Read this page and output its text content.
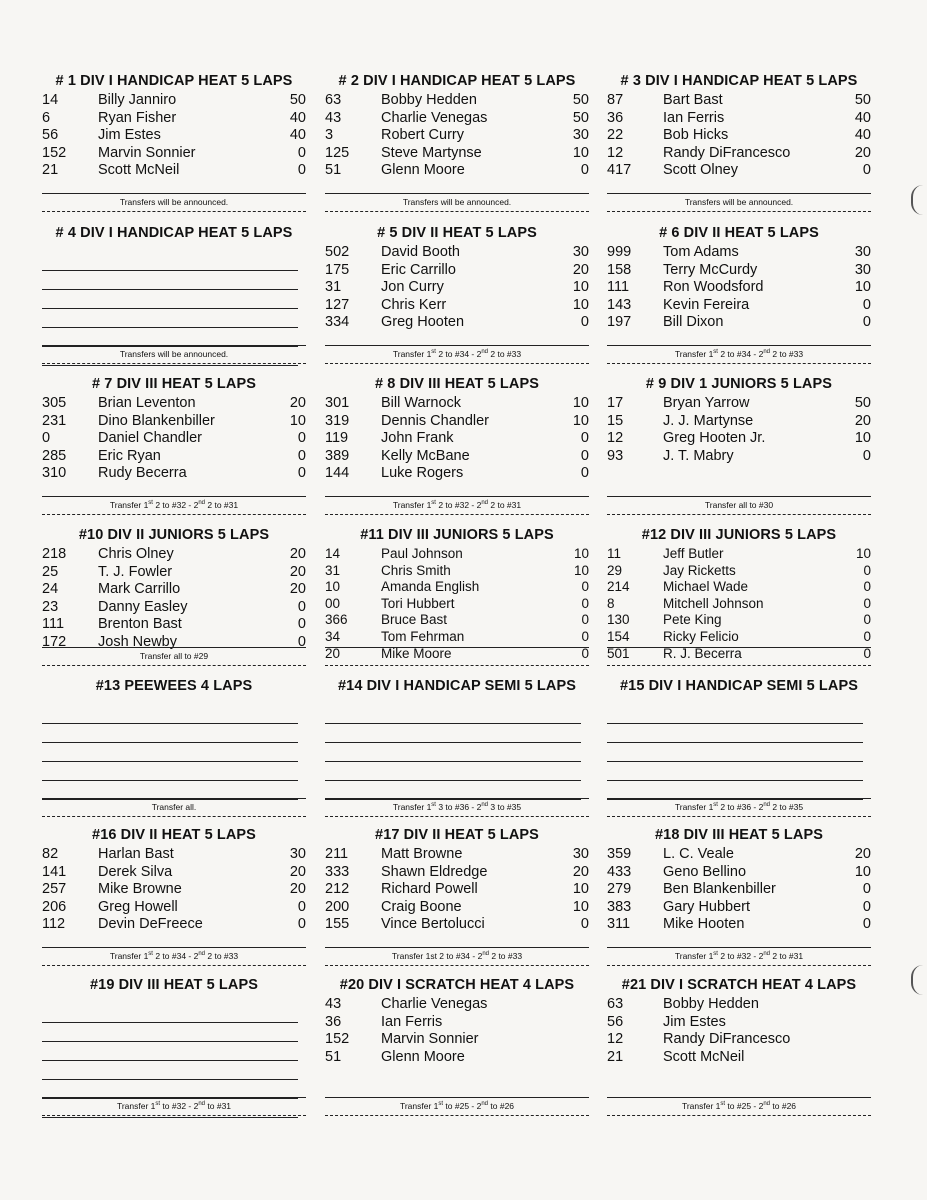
# 1 DIV I HANDICAP HEAT 5 LAPS
14	Billy Janniro	50
6	Ryan Fisher	40
56	Jim Estes	40
152 Marvin Sonnier	0
21	Scott McNeil	0
Transfers will be announced.
# 2 DIV I HANDICAP HEAT 5 LAPS
63	Bobby Hedden	50
43	Charlie Venegas	50
3	Robert Curry	30
125 Steve Martynse	10
51	Glenn Moore	0
Transfers will be announced.
# 3 DIV I HANDICAP HEAT 5 LAPS
87	Bart Bast	50
36	Ian Ferris	40
22	Bob Hicks	40
12	Randy DiFrancesco	20
417 Scott Olney	0
Transfers will be announced.
# 4 DIV I HANDICAP HEAT 5 LAPS
Transfers will be announced.
# 5 DIV II HEAT 5 LAPS
502 David Booth	30
175 Eric Carrillo	20
31	Jon Curry	10
127 Chris Kerr	10
334 Greg Hooten	0
Transfer 1st 2 to #34 - 2nd 2 to #33
# 6 DIV II HEAT 5 LAPS
999 Tom Adams	30
158 Terry McCurdy	30
111 Ron Woodsford	10
143 Kevin Fereira	0
197 Bill Dixon	0
Transfer 1st 2 to #34 - 2nd 2 to #33
# 7 DIV III HEAT 5 LAPS
305 Brian Leventon	20
231 Dino Blankenbiller	10
0	Daniel Chandler	0
285 Eric Ryan	0
310 Rudy Becerra	0
Transfer 1st 2 to #32 - 2nd 2 to #31
# 8 DIV III HEAT 5 LAPS
301 Bill Warnock	10
319 Dennis Chandler	10
119 John Frank	0
389 Kelly McBane	0
144 Luke Rogers	0
Transfer 1st 2 to #32 - 2nd 2 to #31
# 9 DIV 1 JUNIORS 5 LAPS
17	Bryan Yarrow	50
15	J. J. Martynse	20
12	Greg Hooten Jr.	10
93	J. T. Mabry	0
Transfer all to #30
#10 DIV II JUNIORS 5 LAPS
218 Chris Olney	20
25	T. J. Fowler	20
24	Mark Carrillo	20
23	Danny Easley	0
111 Brenton Bast	0
172 Josh Newby	0
Transfer all to #29
#11 DIV III JUNIORS 5 LAPS
14	Paul Johnson	10
31	Chris Smith	10
10	Amanda English	0
00	Tori Hubbert	0
366 Bruce Bast	0
34	Tom Fehrman	0
20	Mike Moore	0
#12 DIV III JUNIORS 5 LAPS
11	Jeff Butler	10
29	Jay Ricketts	0
214 Michael Wade	0
8	Mitchell Johnson	0
130 Pete King	0
154 Ricky Felicio	0
501 R. J. Becerra	0
#13 PEEWEES 4 LAPS
Transfer all.
#14 DIV I HANDICAP SEMI 5 LAPS
Transfer 1st 3 to #36 - 2nd 3 to #35
#15 DIV I HANDICAP SEMI 5 LAPS
Transfer 1st 2 to #36 - 2nd 2 to #35
#16 DIV II HEAT 5 LAPS
82	Harlan Bast	30
141 Derek Silva	20
257 Mike Browne	20
206 Greg Howell	0
112 Devin DeFreece	0
Transfer 1st 2 to #34 - 2nd 2 to #33
#17 DIV II HEAT 5 LAPS
211 Matt Browne	30
333 Shawn Eldredge	20
212 Richard Powell	10
200 Craig Boone	10
155 Vince Bertolucci	0
Transfer 1st 2 to #34 - 2nd 2 to #33
#18 DIV III HEAT 5 LAPS
359 L. C. Veale	20
433 Geno Bellino	10
279 Ben Blankenbiller	0
383 Gary Hubbert	0
311 Mike Hooten	0
Transfer 1st 2 to #32 - 2nd 2 to #31
#19 DIV III HEAT 5 LAPS
Transfer 1st to #32 - 2nd to #31
#20 DIV I SCRATCH HEAT 4 LAPS
43	Charlie Venegas
36	Ian Ferris
152 Marvin Sonnier
51	Glenn Moore
Transfer 1st to #25 - 2nd to #26
#21 DIV I SCRATCH HEAT 4 LAPS
63	Bobby Hedden
56	Jim Estes
12	Randy DiFrancesco
21	Scott McNeil
Transfer 1st to #25 - 2nd to #26
